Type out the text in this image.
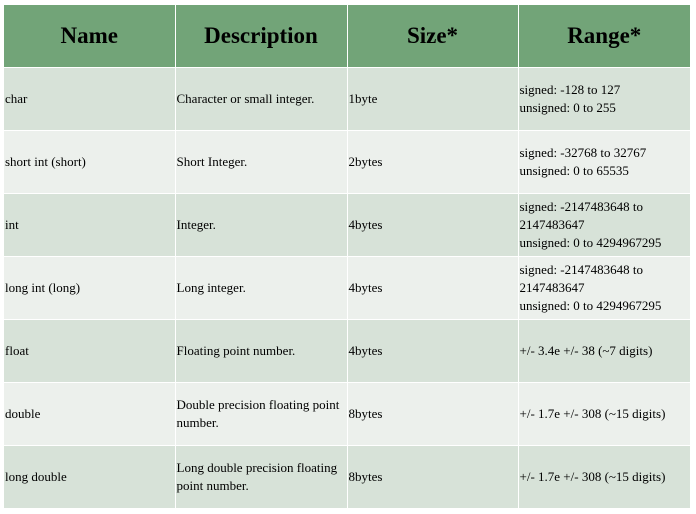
Name	Description	Size*	Range*
char	Character or small integer.	1byte	signed: -128 to 127
unsigned: 0 to 255

short int (short)	Short Integer.	2bytes	signed: -32768 to 32767
unsigned: 0 to 65535

int	Integer.	4bytes	signed: -2147483648 to 2147483647
unsigned: 0 to 4294967295

long int (long)	Long integer.	4bytes	signed: -2147483648 to 2147483647
unsigned: 0 to 4294967295

float	Floating point number.	4bytes	+/- 3.4e +/- 38 (~7 digits)

double	Double precision floating point number.	8bytes	+/- 1.7e +/- 308 (~15 digits)

long double	Long double precision floating point number.	8bytes	+/- 1.7e +/- 308 (~15 digits)
